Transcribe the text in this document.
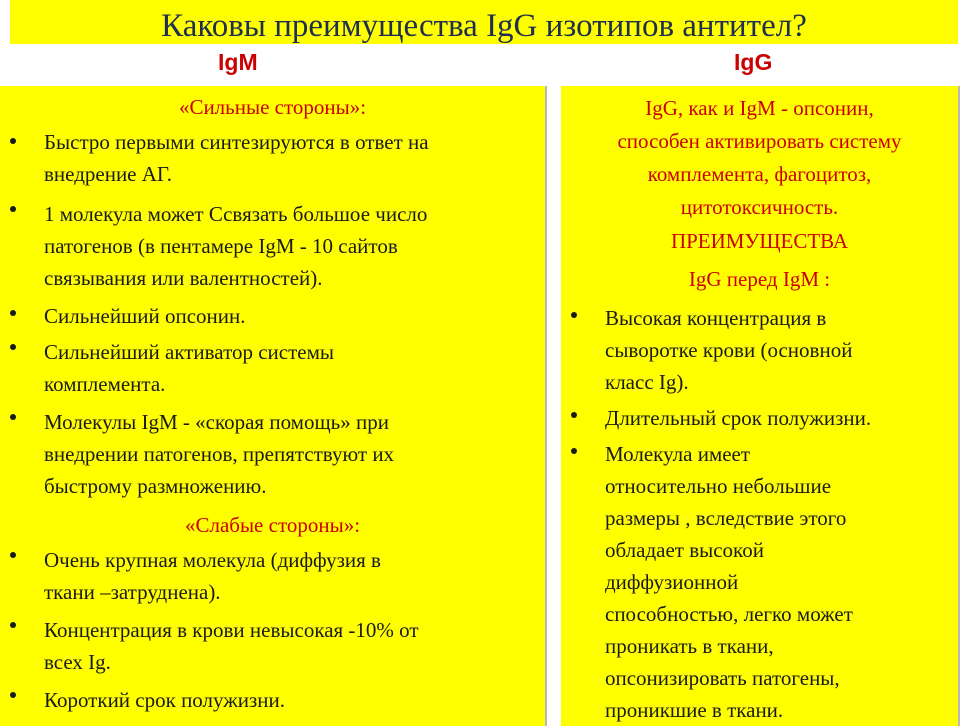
Каковы преимущества IgG изотипов антител?
IgM	IgG
«Сильные стороны»:
Быстро первыми синтезируются в ответ на
внедрение АГ.
1 молекула может Ссвязать большое число
патогенов (в пентамере IgM - 10 сайтов
связывания или валентностей).
Сильнейший опсонин.
Сильнейший активатор системы
комплемента.
Молекулы IgM - «скорая помощь» при
внедрении патогенов, препятствуют их
быстрому размножению.
«Слабые стороны»:
Очень крупная молекула (диффузия в
ткани –затруднена).
Концентрация в крови невысокая -10% от
всех Ig.
Короткий срок полужизни.
IgG, как и IgM - опсонин,
способен активировать систему
комплемента, фагоцитоз,
цитотоксичность.
ПРЕИМУЩЕСТВА
IgG перед IgM :
Высокая концентрация в
сыворотке крови (основной
класс Ig).
Длительный срок полужизни.
Молекула имеет
относительно небольшие
размеры , вследствие этого
обладает высокой
диффузионной
способностью, легко может
проникать в ткани,
опсонизировать патогены,
проникшие в ткани.
